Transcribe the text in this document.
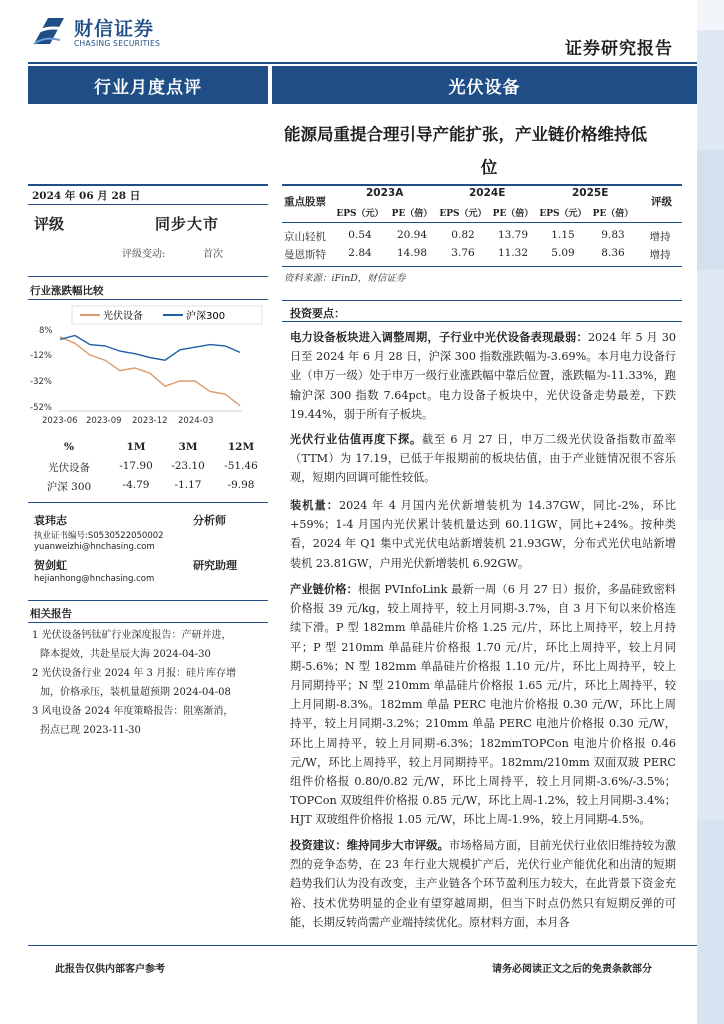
财信证券
CHASING SECURITIES	证券研究报告
行业月度点评	光伏设备
能源局重提合理引导产能扩张，产业链价格维持低
位
2024 年 06 月 28 日
评级	同步大市
评级变动:	首次
行业涨跌幅比较
光伏设备	沪深300
8%
-12%
-32%
-52%
2023-06 2023-09 2023-12 2024-03
%	1M	3M	12M
光伏设备	-17.90	-23.10	-51.46
沪深 300	-4.79	-1.17	-9.98
袁玮志	分析师
执业证书编号:S0530522050002
yuanweizhi@hnchasing.com
贺剑虹	研究助理
hejianhong@hnchasing.com
相关报告
1 光伏设备钙钛矿行业深度报告：产研并进，
降本提效，共赴星辰大海 2024-04-30
2 光伏设备行业 2024 年 3 月报：硅片库存增
加，价格承压，装机量超预期 2024-04-08
3 风电设备 2024 年度策略报告：阻塞渐消，
拐点已现 2023-11-30
重点股票
2023A	2024E	2025E
评级
EPS（元） PE（倍） EPS（元） PE（倍） EPS（元） PE（倍）
京山轻机	0.54	20.94	0.82	13.79	1.15	9.83	增持
曼恩斯特	2.84	14.98	3.76	11.32	5.09	8.36	增持
资料来源：iFinD，财信证券
投资要点：
电力设备板块进入调整周期，子行业中光伏设备表现最弱：2024 年 5 月 30 日至 2024 年 6 月 28 日，沪深 300 指数涨跌幅为-3.69%。本月电力设备行业（申万一级）处于申万一级行业涨跌幅中靠后位置，涨跌幅为-11.33%，跑输沪深 300 指数 7.64pct。电力设备子板块中，光伏设备走势最差，下跌 19.44%，弱于所有子板块。
光伏行业估值再度下探。截至 6 月 27 日，申万二级光伏设备指数市盈率（TTM）为 17.19，已低于年报期前的板块估值，由于产业链情况很不容乐观，短期内回调可能性较低。
装机量：2024 年 4 月国内光伏新增装机为 14.37GW，同比-2%，环比+59%；1-4 月国内光伏累计装机量达到 60.11GW，同比+24%。按种类看，2024 年 Q1 集中式光伏电站新增装机 21.93GW，分布式光伏电站新增装机 23.81GW，户用光伏新增装机 6.92GW。
产业链价格：根据 PVInfoLink 最新一周（6 月 27 日）报价，多晶硅致密料价格报 39 元/kg，较上周持平，较上月同期-3.7%，自 3 月下旬以来价格连续下滑。P 型 182mm 单晶硅片价格 1.25 元/片，环比上周持平，较上月持平；P 型 210mm 单晶硅片价格报 1.70 元/片，环比上周持平，较上月同期-5.6%；N 型 182mm 单晶硅片价格报 1.10 元/片，环比上周持平，较上月同期持平；N 型 210mm 单晶硅片价格报 1.65 元/片，环比上周持平，较上月同期-8.3%。182mm 单晶 PERC 电池片价格报 0.30 元/W，环比上周持平，较上月同期-3.2%；210mm 单晶 PERC 电池片价格报 0.30 元/W，环比上周持平，较上月同期-6.3%；182mmTOPCon 电池片价格报 0.46 元/W，环比上周持平，较上月同期持平。182mm/210mm 双面双玻 PERC 组件价格报 0.80/0.82 元/W，环比上周持平，较上月同期-3.6%/-3.5%；TOPCon 双玻组件价格报 0.85 元/W，环比上周-1.2%，较上月同期-3.4%；HJT 双玻组件价格报 1.05 元/W，环比上周-1.9%，较上月同期-4.5%。
投资建议：维持同步大市评级。市场格局方面，目前光伏行业依旧维持较为激烈的竞争态势，在 23 年行业大规模扩产后，光伏行业产能优化和出清的短期趋势我们认为没有改变，主产业链各个环节盈利压力较大，在此背景下资金充裕、技术优势明显的企业有望穿越周期，但当下时点仍然只有短期反弹的可能，长期反转尚需产业端持续优化。原材料方面，本月各
此报告仅供内部客户参考	请务必阅读正文之后的免责条款部分
